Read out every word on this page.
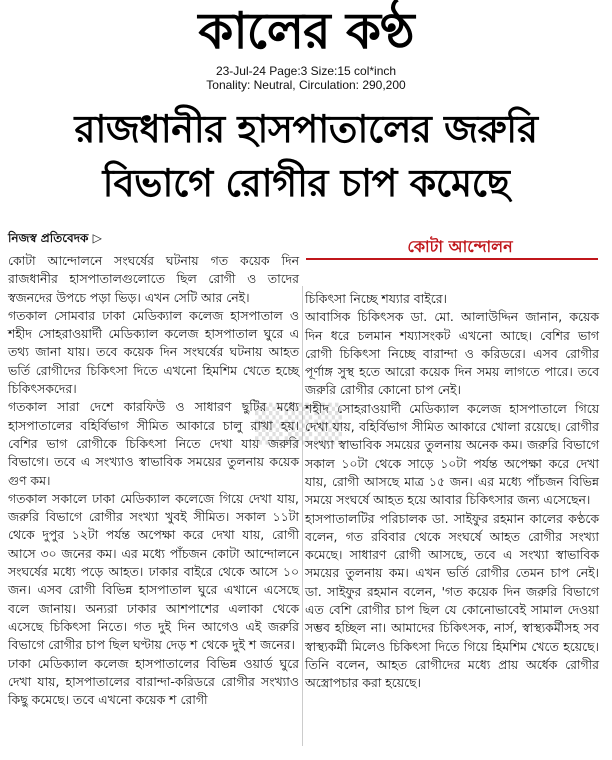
কালের কণ্ঠ
23-Jul-24 Page:3 Size:15 col*inch
Tonality: Neutral, Circulation: 290,200
রাজধানীর হাসপাতালের জরুরি
বিভাগে রোগীর চাপ কমেছে
নিজস্ব প্রতিবেদক ▷	কোটা আন্দোলন
▒▒▒

কোটা আন্দোলনে সংঘর্ষের ঘটনায় গত কয়েক দিন রাজধানীর হাসপাতালগুলোতে ছিল রোগী ও তাদের স্বজনদের উপচে পড়া ভিড়। এখন সেটি আর নেই।

গতকাল সোমবার ঢাকা মেডিক্যাল কলেজ হাসপাতাল ও শহীদ সোহরাওয়ার্দী মেডিক্যাল কলেজ হাসপাতাল ঘুরে এ তথ্য জানা যায়। তবে কয়েক দিন সংঘর্ষের ঘটনায় আহত ভর্তি রোগীদের চিকিৎসা দিতে এখনো হিমশিম খেতে হচ্ছে চিকিৎসকদের।

গতকাল সারা দেশে কারফিউ ও সাধারণ ছুটির মধ্যে হাসপাতালের বহির্বিভাগ সীমিত আকারে চালু রাখা হয়। বেশির ভাগ রোগীকে চিকিৎসা নিতে দেখা যায় জরুরি বিভাগে। তবে এ সংখ্যাও স্বাভাবিক সময়ের তুলনায় কয়েক গুণ কম।

গতকাল সকালে ঢাকা মেডিক্যাল কলেজে গিয়ে দেখা যায়, জরুরি বিভাগে রোগীর সংখ্যা খুবই সীমিত। সকাল ১১টা থেকে দুপুর ১২টা পর্যন্ত অপেক্ষা করে দেখা যায়, রোগী আসে ৩০ জনের কম। এর মধ্যে পাঁচজন কোটা আন্দোলনে সংঘর্ষের মধ্যে পড়ে আহত। ঢাকার বাইরে থেকে আসে ১০ জন। এসব রোগী বিভিন্ন হাসপাতাল ঘুরে এখানে এসেছে বলে জানায়। অন্যরা ঢাকার আশপাশের এলাকা থেকে এসেছে চিকিৎসা নিতে। গত দুই দিন আগেও এই জরুরি বিভাগে রোগীর চাপ ছিল ঘণ্টায় দেড় শ থেকে দুই শ জনের।

ঢাকা মেডিক্যাল কলেজ হাসপাতালের বিভিন্ন ওয়ার্ড ঘুরে দেখা যায়, হাসপাতালের বারান্দা-করিডরে রোগীর সংখ্যাও কিছু কমেছে। তবে এখনো কয়েক শ রোগী

চিকিৎসা নিচ্ছে শয্যার বাইরে।

আবাসিক চিকিৎসক ডা. মো. আলাউদ্দিন জানান, কয়েক দিন ধরে চলমান শয্যাসংকট এখনো আছে। বেশির ভাগ রোগী চিকিৎসা নিচ্ছে বারান্দা ও করিডরে। এসব রোগীর পূর্ণাঙ্গ সুস্থ হতে আরো কয়েক দিন সময় লাগতে পারে। তবে জরুরি রোগীর কোনো চাপ নেই।

শহীদ সোহরাওয়ার্দী মেডিক্যাল কলেজ হাসপাতালে গিয়ে দেখা যায়, বহির্বিভাগ সীমিত আকারে খোলা রয়েছে। রোগীর সংখ্যা স্বাভাবিক সময়ের তুলনায় অনেক কম। জরুরি বিভাগে সকাল ১০টা থেকে সাড়ে ১০টা পর্যন্ত অপেক্ষা করে দেখা যায়, রোগী আসছে মাত্র ১৫ জন। এর মধ্যে পাঁচজন বিভিন্ন সময়ে সংঘর্ষে আহত হয়ে আবার চিকিৎসার জন্য এসেছেন।

হাসপাতালটির পরিচালক ডা. সাইফুর রহমান কালের কণ্ঠকে বলেন, গত রবিবার থেকে সংঘর্ষে আহত রোগীর সংখ্যা কমেছে। সাধারণ রোগী আসছে, তবে এ সংখ্যা স্বাভাবিক সময়ের তুলনায় কম। এখন ভর্তি রোগীর তেমন চাপ নেই। ডা. সাইফুর রহমান বলেন, 'গত কয়েক দিন জরুরি বিভাগে এত বেশি রোগীর চাপ ছিল যে কোনোভাবেই সামাল দেওয়া সম্ভব হচ্ছিল না। আমাদের চিকিৎসক, নার্স, স্বাস্থ্যকর্মীসহ সব স্বাস্থ্যকর্মী মিলেও চিকিৎসা দিতে গিয়ে হিমশিম খেতে হয়েছে। তিনি বলেন, আহত রোগীদের মধ্যে প্রায় অর্ধেক রোগীর অস্ত্রোপচার করা হয়েছে।
